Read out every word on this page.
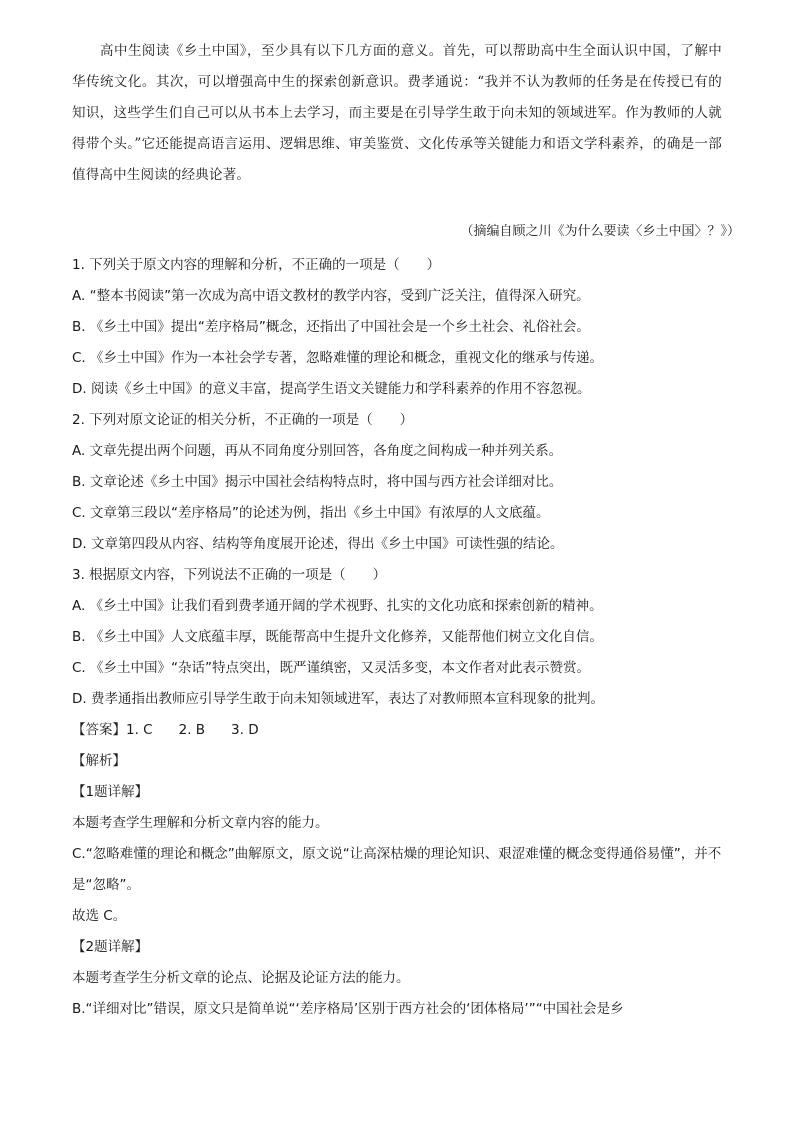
高中生阅读《乡土中国》，至少具有以下几方面的意义。首先，可以帮助高中生全面认识中国，了解中华传统文化。其次，可以增强高中生的探索创新意识。费孝通说：“我并不认为教师的任务是在传授已有的知识，这些学生们自己可以从书本上去学习，而主要是在引导学生敢于向未知的领域进军。作为教师的人就得带个头。”它还能提高语言运用、逻辑思维、审美鉴赏、文化传承等关键能力和语文学科素养，的确是一部值得高中生阅读的经典论著。

（摘编自顾之川《为什么要读〈乡土中国〉？》）
1. 下列关于原文内容的理解和分析，不正确的一项是（　　）
A. “整本书阅读”第一次成为高中语文教材的教学内容，受到广泛关注，值得深入研究。
B. 《乡土中国》提出“差序格局”概念，还指出了中国社会是一个乡土社会、礼俗社会。
C. 《乡土中国》作为一本社会学专著，忽略难懂的理论和概念，重视文化的继承与传递。
D. 阅读《乡土中国》的意义丰富，提高学生语文关键能力和学科素养的作用不容忽视。
2. 下列对原文论证的相关分析，不正确的一项是（　　）
A. 文章先提出两个问题，再从不同角度分别回答，各角度之间构成一种并列关系。
B. 文章论述《乡土中国》揭示中国社会结构特点时，将中国与西方社会详细对比。
C. 文章第三段以“差序格局”的论述为例，指出《乡土中国》有浓厚的人文底蕴。
D. 文章第四段从内容、结构等角度展开论述，得出《乡土中国》可读性强的结论。
3. 根据原文内容，下列说法不正确的一项是（　　）
A. 《乡土中国》让我们看到费孝通开阔的学术视野、扎实的文化功底和探索创新的精神。
B. 《乡土中国》人文底蕴丰厚，既能帮高中生提升文化修养，又能帮他们树立文化自信。
C. 《乡土中国》“杂话”特点突出，既严谨缜密，又灵活多变，本文作者对此表示赞赏。
D. 费孝通指出教师应引导学生敢于向未知领域进军，表达了对教师照本宣科现象的批判。
【答案】1. C 2. B 3. D
【解析】
【1题详解】
本题考查学生理解和分析文章内容的能力。
C.“忽略难懂的理论和概念”曲解原文，原文说“让高深枯燥的理论知识、艰涩难懂的概念变得通俗易懂”，并不是“忽略”。
故选 C。
【2题详解】
本题考查学生分析文章的论点、论据及论证方法的能力。
B.“详细对比”错误，原文只是简单说“‘差序格局’区别于西方社会的‘团体格局’”“中国社会是乡
